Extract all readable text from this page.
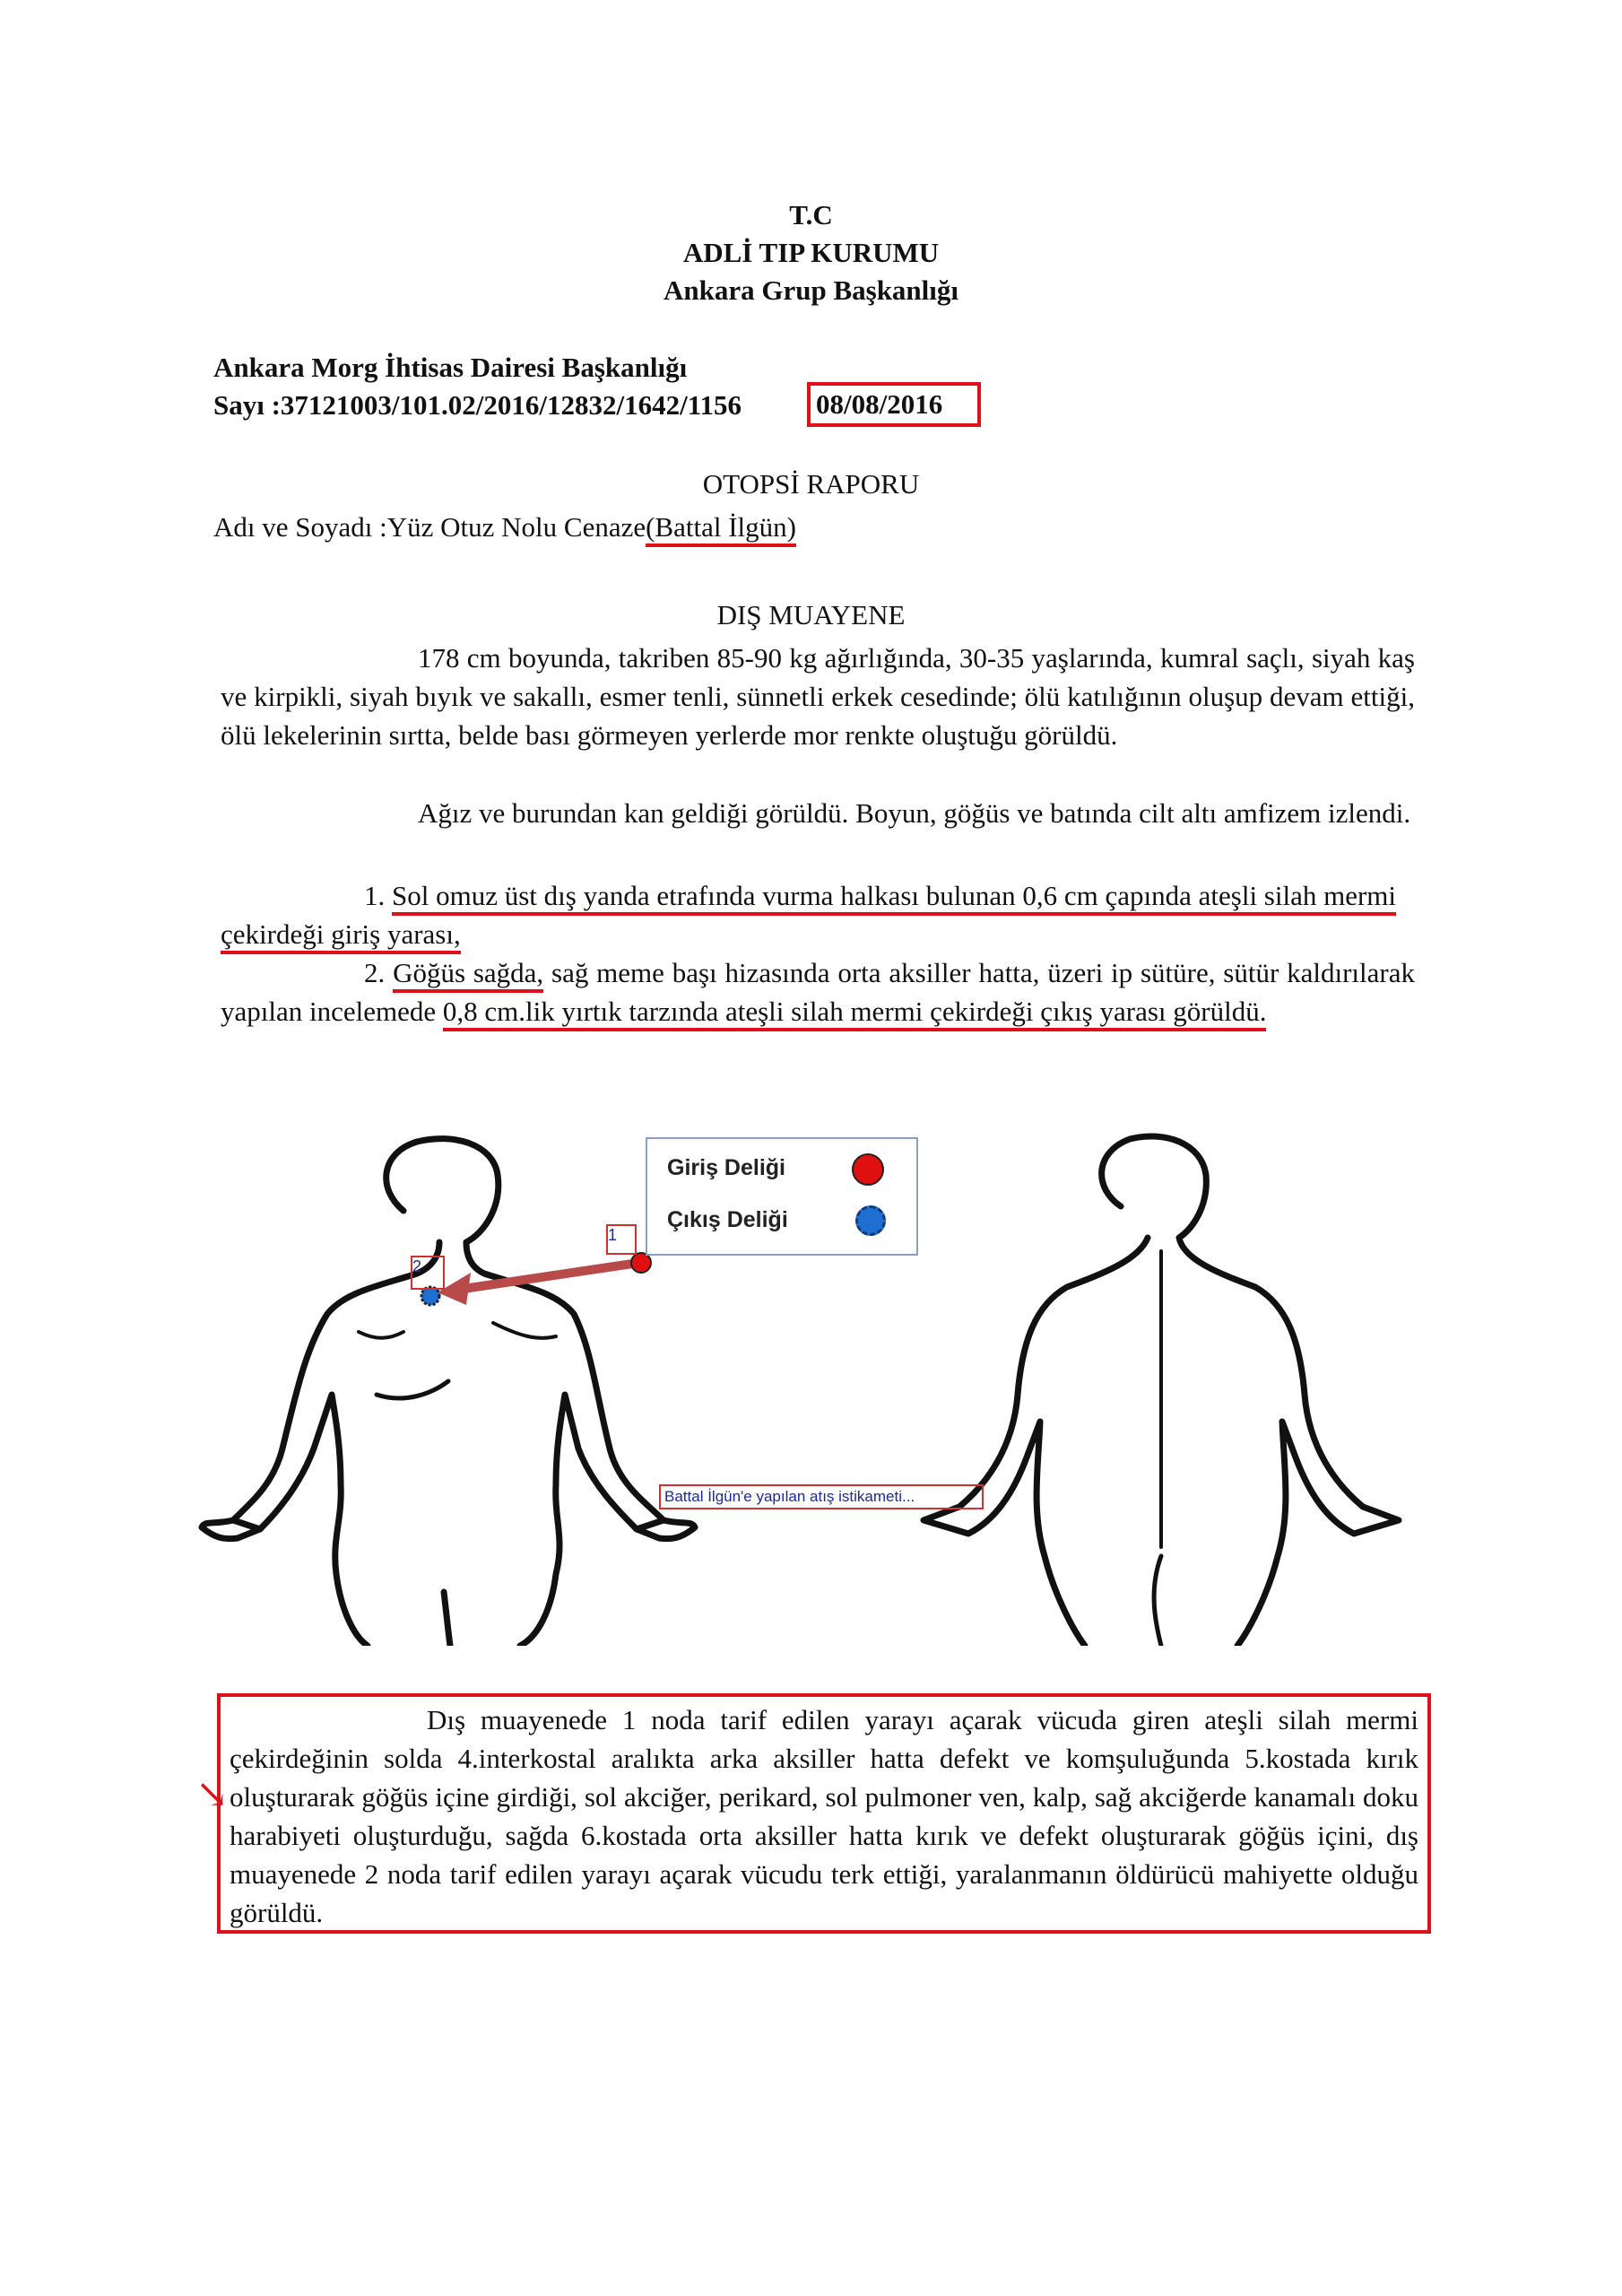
T.C
ADLİ TIP KURUMU
Ankara Grup Başkanlığı
Ankara Morg İhtisas Dairesi Başkanlığı
Sayı :37121003/101.02/2016/12832/1642/1156	08/08/2016
OTOPSİ RAPORU
Adı ve Soyadı :Yüz Otuz Nolu Cenaze(Battal İlgün)
DIŞ MUAYENE
178 cm boyunda, takriben 85-90 kg ağırlığında, 30-35 yaşlarında, kumral saçlı, siyah kaş ve kirpikli, siyah bıyık ve sakallı, esmer tenli, sünnetli erkek cesedinde; ölü katılığının oluşup devam ettiği, ölü lekelerinin sırtta, belde bası görmeyen yerlerde mor renkte oluştuğu görüldü.
Ağız ve burundan kan geldiği görüldü. Boyun, göğüs ve batında cilt altı amfizem izlendi.
1. Sol omuz üst dış yanda etrafında vurma halkası bulunan 0,6 cm çapında ateşli silah mermi çekirdeği giriş yarası,
2. Göğüs sağda, sağ meme başı hizasında orta aksiller hatta, üzeri ip sütüre, sütür kaldırılarak yapılan incelemede 0,8 cm.lik yırtık tarzında ateşli silah mermi çekirdeği çıkış yarası görüldü.
1
2
Giriş Deliği
Çıkış Deliği
Battal İlgün'e yapılan atış istikameti...
↘
Dış muayenede 1 noda tarif edilen yarayı açarak vücuda giren ateşli silah mermi çekirdeğinin solda 4.interkostal aralıkta arka aksiller hatta defekt ve komşuluğunda 5.kostada kırık oluşturarak göğüs içine girdiği, sol akciğer, perikard, sol pulmoner ven, kalp, sağ akciğerde kanamalı doku harabiyeti oluşturduğu, sağda 6.kostada orta aksiller hatta kırık ve defekt oluşturarak göğüs içini, dış muayenede 2 noda tarif edilen yarayı açarak vücudu terk ettiği, yaralanmanın öldürücü mahiyette olduğu görüldü.
